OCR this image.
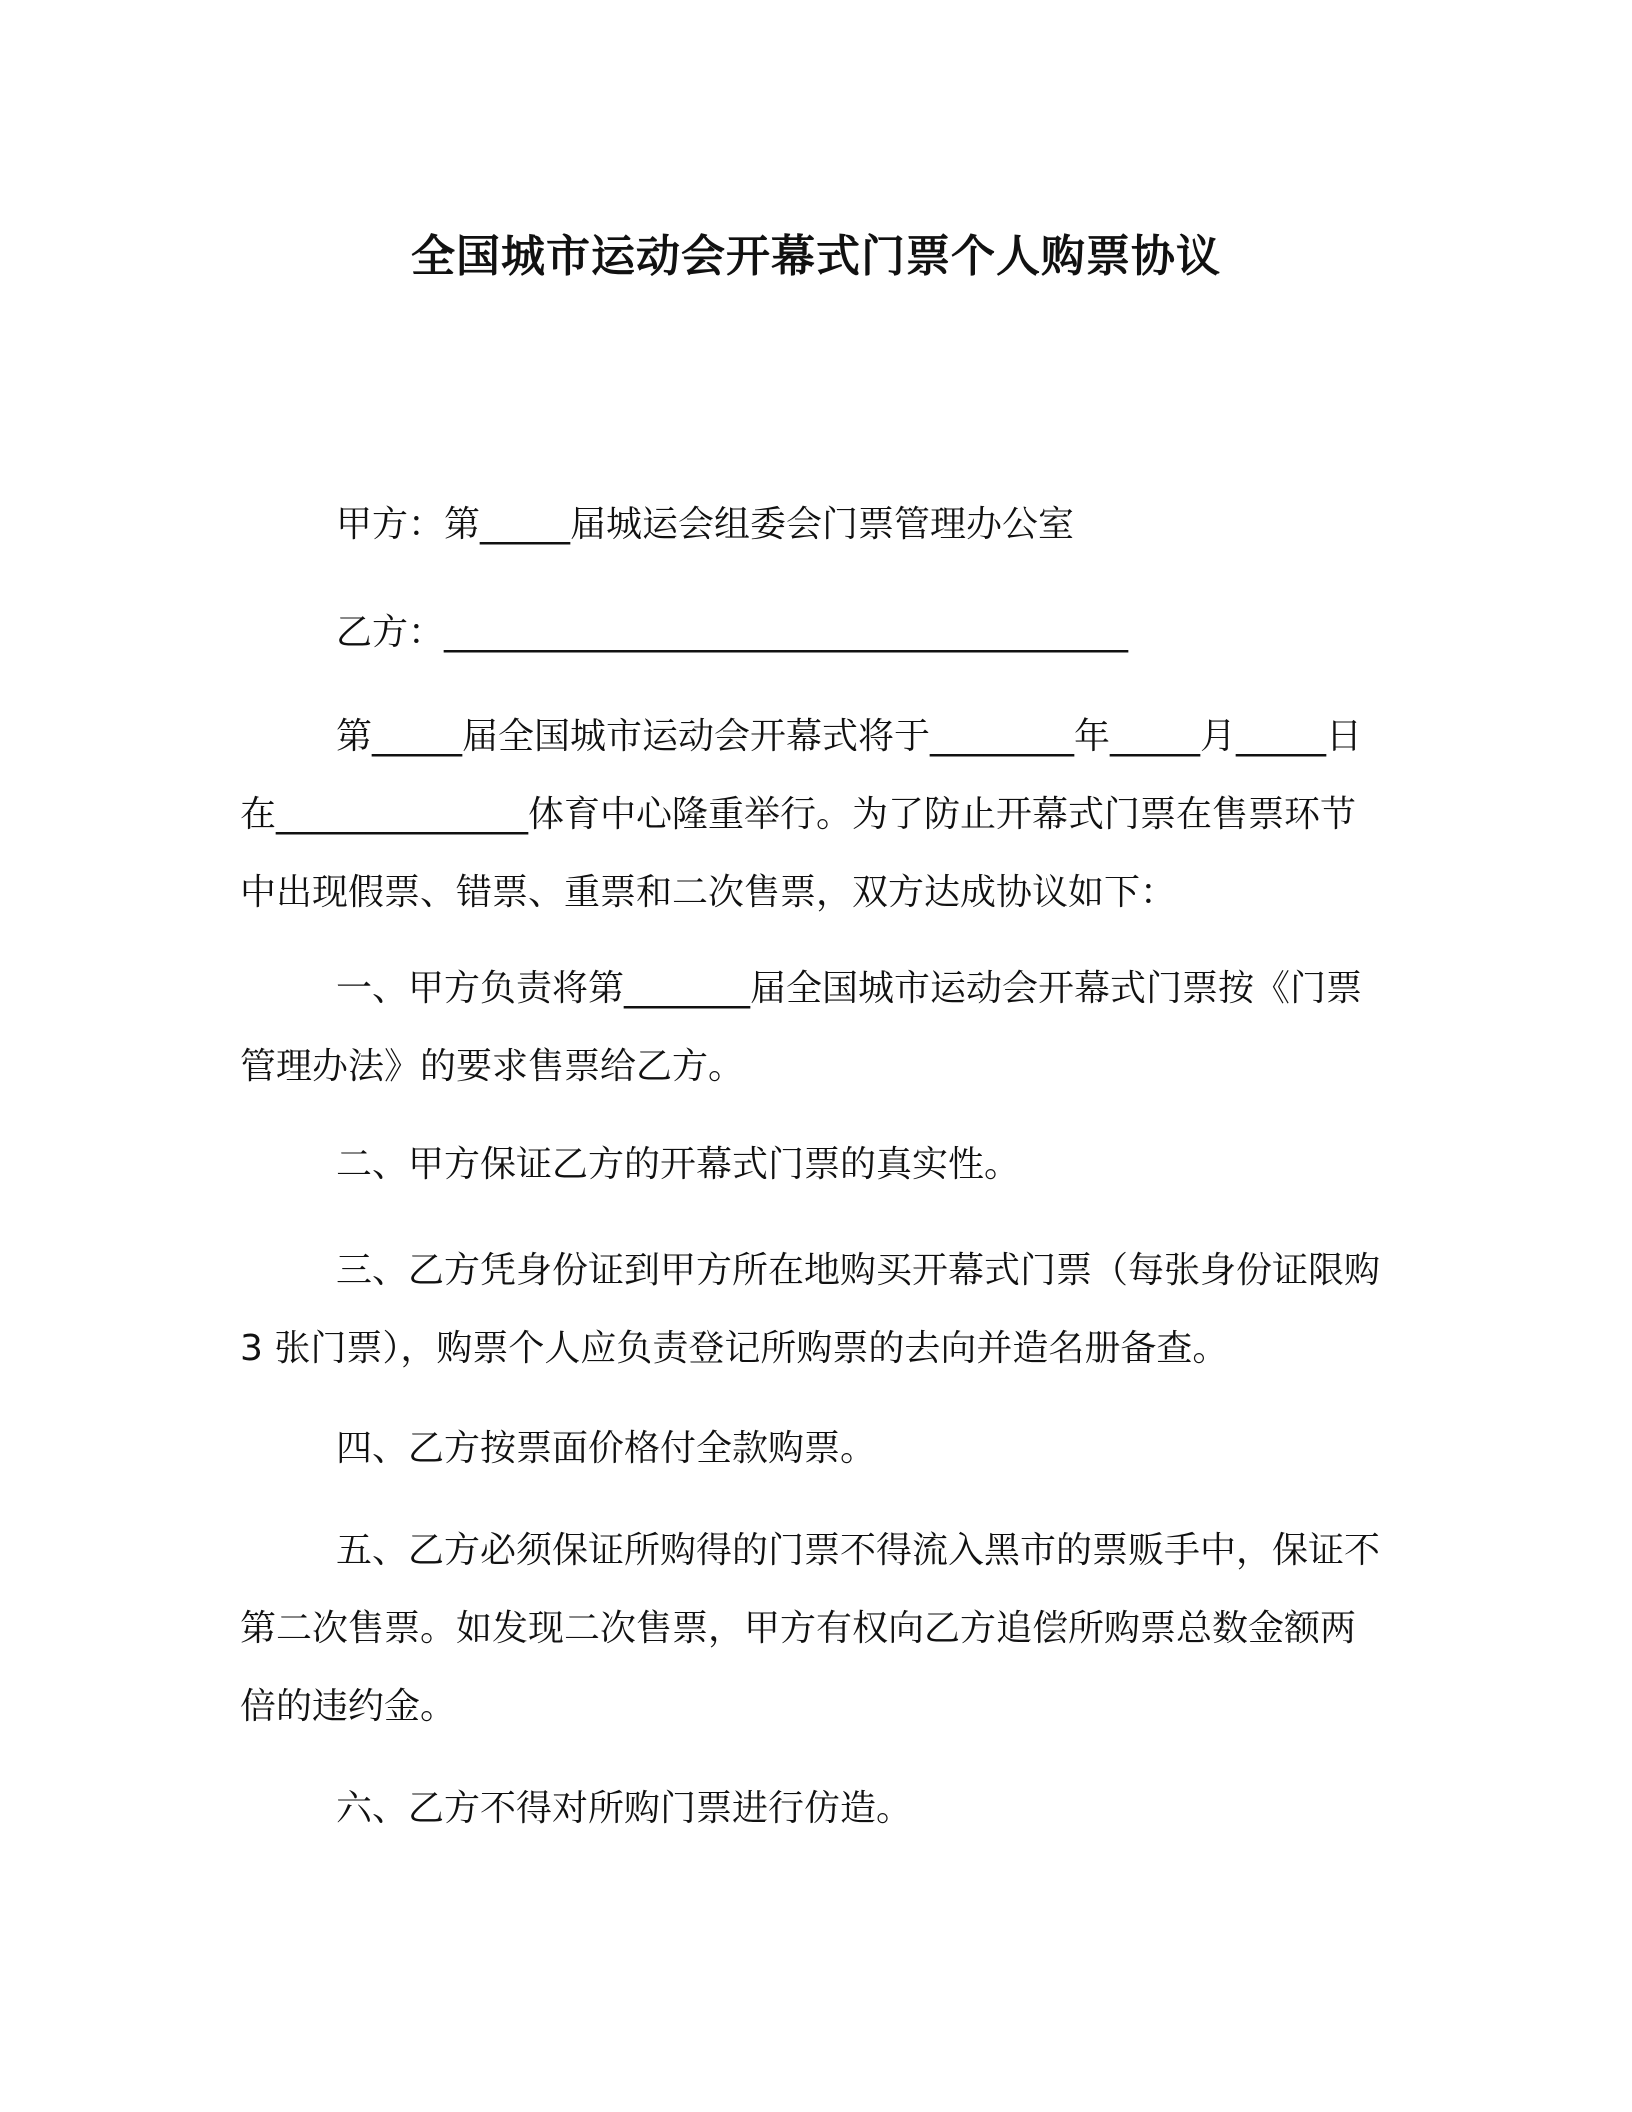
全国城市运动会开幕式门票个人购票协议

甲方：第_____届城运会组委会门票管理办公室

乙方：______________________________________

第_____届全国城市运动会开幕式将于________年_____月_____日在______________体育中心隆重举行。为了防止开幕式门票在售票环节中出现假票、错票、重票和二次售票，双方达成协议如下：

一、甲方负责将第_______届全国城市运动会开幕式门票按《门票管理办法》的要求售票给乙方。

二、甲方保证乙方的开幕式门票的真实性。

三、乙方凭身份证到甲方所在地购买开幕式门票（每张身份证限购 3 张门票），购票个人应负责登记所购票的去向并造名册备查。

四、乙方按票面价格付全款购票。

五、乙方必须保证所购得的门票不得流入黑市的票贩手中，保证不第二次售票。如发现二次售票，甲方有权向乙方追偿所购票总数金额两倍的违约金。

六、乙方不得对所购门票进行仿造。
